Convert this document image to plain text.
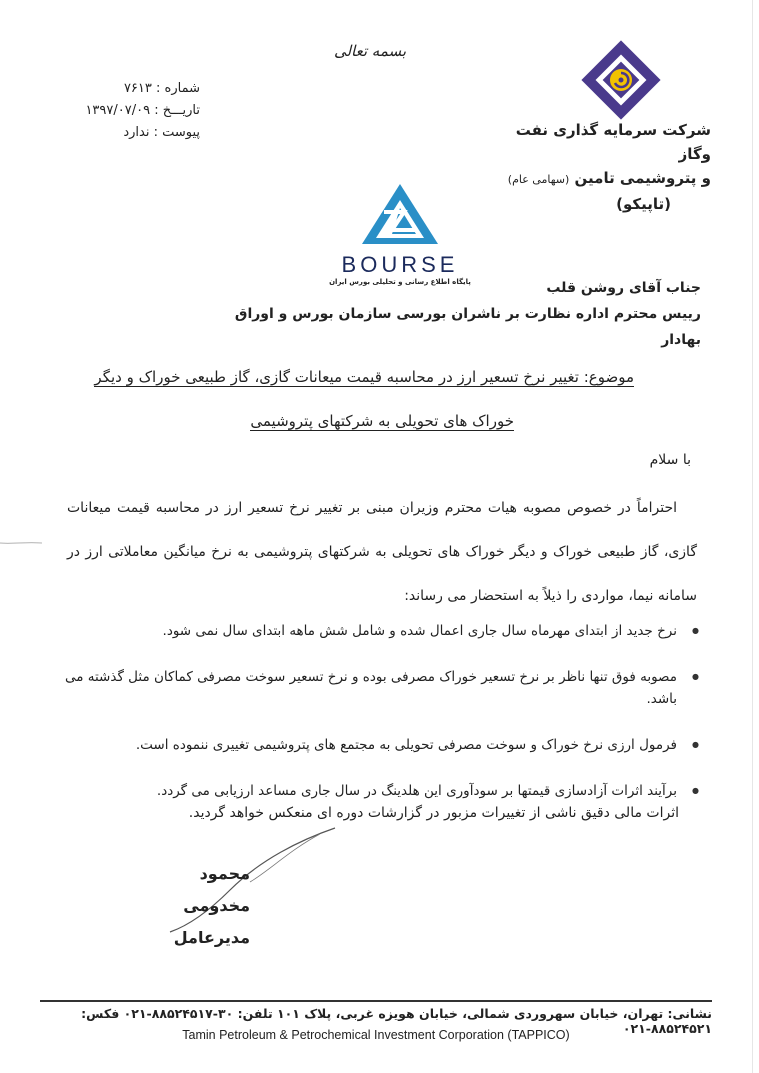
بسمه تعالی
شماره : ۷۶۱۳
تاریـــخ : ۱۳۹۷/۰۷/۰۹
پیوست : ندارد	شرکت سرمایه گذاری نفت وگاز
و پتروشیمی تامین (سهامی عام)
(تاپیکو)
BOURSE
پایگاه اطلاع رسانی و تحلیلی بورس ایران	جناب آقای روشن قلب
رییس محترم اداره نظارت بر ناشران بورسی سازمان بورس و اوراق بهادار
موضوع: تغییر نرخ تسعیر ارز در محاسبه قیمت میعانات گازی، گاز طبیعی خوراک و دیگر
خوراک های تحویلی به شرکتهای پتروشیمی
با سلام
احتراماً در خصوص مصوبه هیات محترم وزیران مبنی بر تغییر نرخ تسعیر ارز در محاسبه قیمت میعانات گازی، گاز طبیعی خوراک و دیگر خوراک های تحویلی به شرکتهای پتروشیمی به نرخ میانگین معاملاتی ارز در سامانه نیما، مواردی را ذیلاً به استحضار می رساند:
● نرخ جدید از ابتدای مهرماه سال جاری اعمال شده و شامل شش ماهه ابتدای سال نمی شود.
● مصوبه فوق تنها ناظر بر نرخ تسعیر خوراک مصرفی بوده و نرخ تسعیر سوخت مصرفی کماکان مثل گذشته می باشد.
● فرمول ارزی نرخ خوراک و سوخت مصرفی تحویلی به مجتمع های پتروشیمی تغییری ننموده است.
● برآیند اثرات آزادسازی قیمتها بر سودآوری این هلدینگ در سال جاری مساعد ارزیابی می گردد.
اثرات مالی دقیق ناشی از تغییرات مزبور در گزارشات دوره ای منعکس خواهد گردید.
محمود مخدومی
مدیرعامل
نشانی: تهران، خیابان سهروردی شمالی، خیابان هویزه غربی، پلاک ۱۰۱ تلفن: ۳۰-۸۸۵۲۴۵۱۷-۰۲۱ فکس: ۸۸۵۲۴۵۲۱-۰۲۱
Tamin Petroleum & Petrochemical Investment Corporation (TAPPICO)
